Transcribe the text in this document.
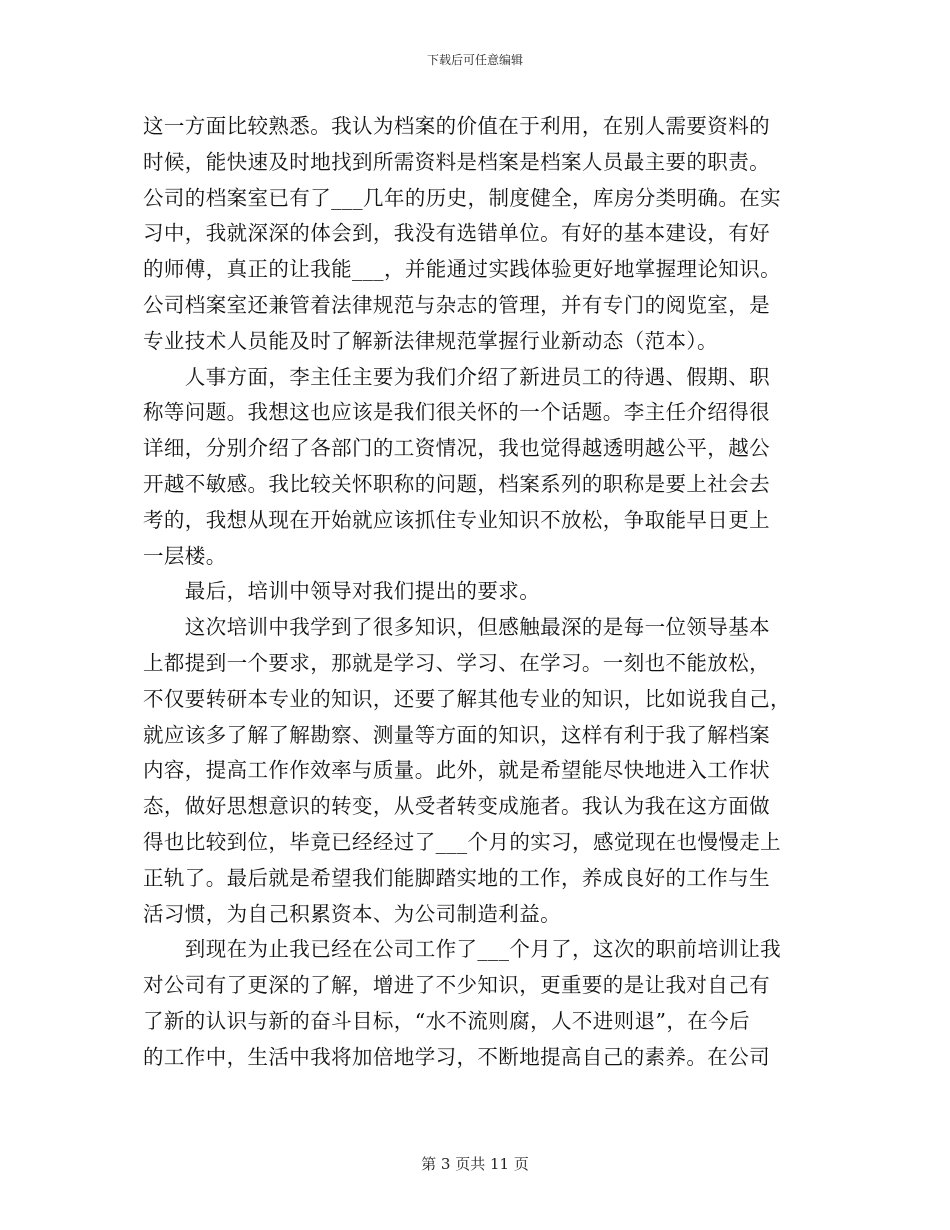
下载后可任意编辑
这一方面比较熟悉。我认为档案的价值在于利用，在别人需要资料的
时候，能快速及时地找到所需资料是档案是档案人员最主要的职责。
公司的档案室已有了___几年的历史，制度健全，库房分类明确。在实
习中，我就深深的体会到，我没有选错单位。有好的基本建设，有好
的师傅，真正的让我能___，并能通过实践体验更好地掌握理论知识。
公司档案室还兼管着法律规范与杂志的管理，并有专门的阅览室，是
专业技术人员能及时了解新法律规范掌握行业新动态（范本）。
　　人事方面，李主任主要为我们介绍了新进员工的待遇、假期、职
称等问题。我想这也应该是我们很关怀的一个话题。李主任介绍得很
详细，分别介绍了各部门的工资情况，我也觉得越透明越公平，越公
开越不敏感。我比较关怀职称的问题，档案系列的职称是要上社会去
考的，我想从现在开始就应该抓住专业知识不放松，争取能早日更上
一层楼。
　　最后，培训中领导对我们提出的要求。
　　这次培训中我学到了很多知识，但感触最深的是每一位领导基本
上都提到一个要求，那就是学习、学习、在学习。一刻也不能放松，
不仅要转研本专业的知识，还要了解其他专业的知识，比如说我自己，
就应该多了解了解勘察、测量等方面的知识，这样有利于我了解档案
内容，提高工作作效率与质量。此外，就是希望能尽快地进入工作状
态，做好思想意识的转变，从受者转变成施者。我认为我在这方面做
得也比较到位，毕竟已经经过了___个月的实习，感觉现在也慢慢走上
正轨了。最后就是希望我们能脚踏实地的工作，养成良好的工作与生
活习惯，为自己积累资本、为公司制造利益。
　　到现在为止我已经在公司工作了___个月了，这次的职前培训让我
对公司有了更深的了解，增进了不少知识，更重要的是让我对自己有
了新的认识与新的奋斗目标，“水不流则腐，人不进则退”，在今后
的工作中，生活中我将加倍地学习，不断地提高自己的素养。在公司
第 3 页共 11 页
